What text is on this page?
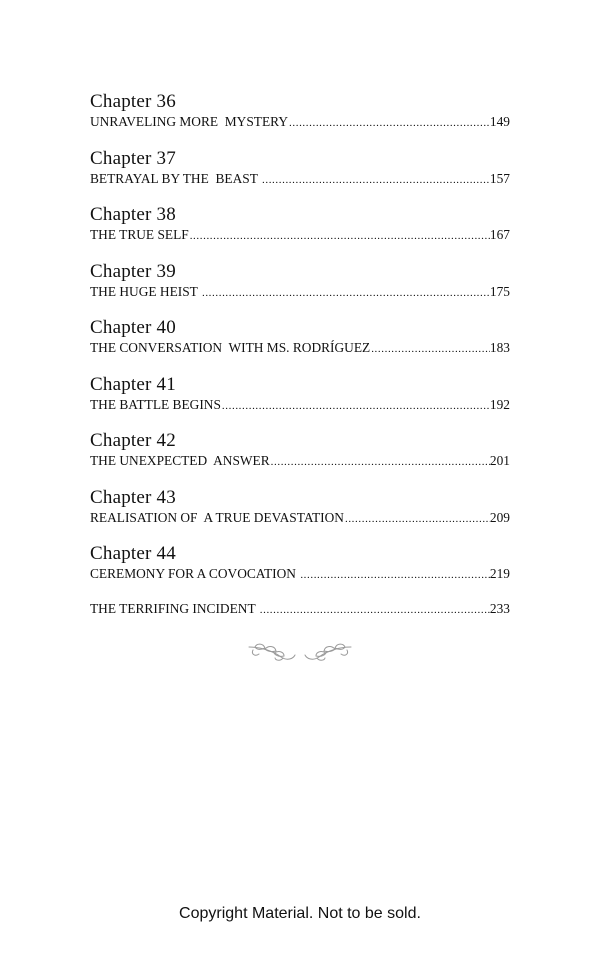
Chapter 36
UNRAVELING MORE  MYSTERY .....	149
Chapter 37
BETRAYAL BY THE  BEAST .....	157
Chapter 38
THE TRUE SELF .....	167
Chapter 39
THE HUGE HEIST .....	175
Chapter 40
THE CONVERSATION  WITH MS. RODRÍGUEZ .....	183
Chapter 41
THE BATTLE BEGINS .....	192
Chapter 42
THE UNEXPECTED  ANSWER .....	201
Chapter 43
REALISATION OF  A TRUE DEVASTATION .....	209
Chapter 44
CEREMONY FOR A COVOCATION .....	219
THE TERRIFING INCIDENT .....	233
Copyright Material. Not to be sold.
